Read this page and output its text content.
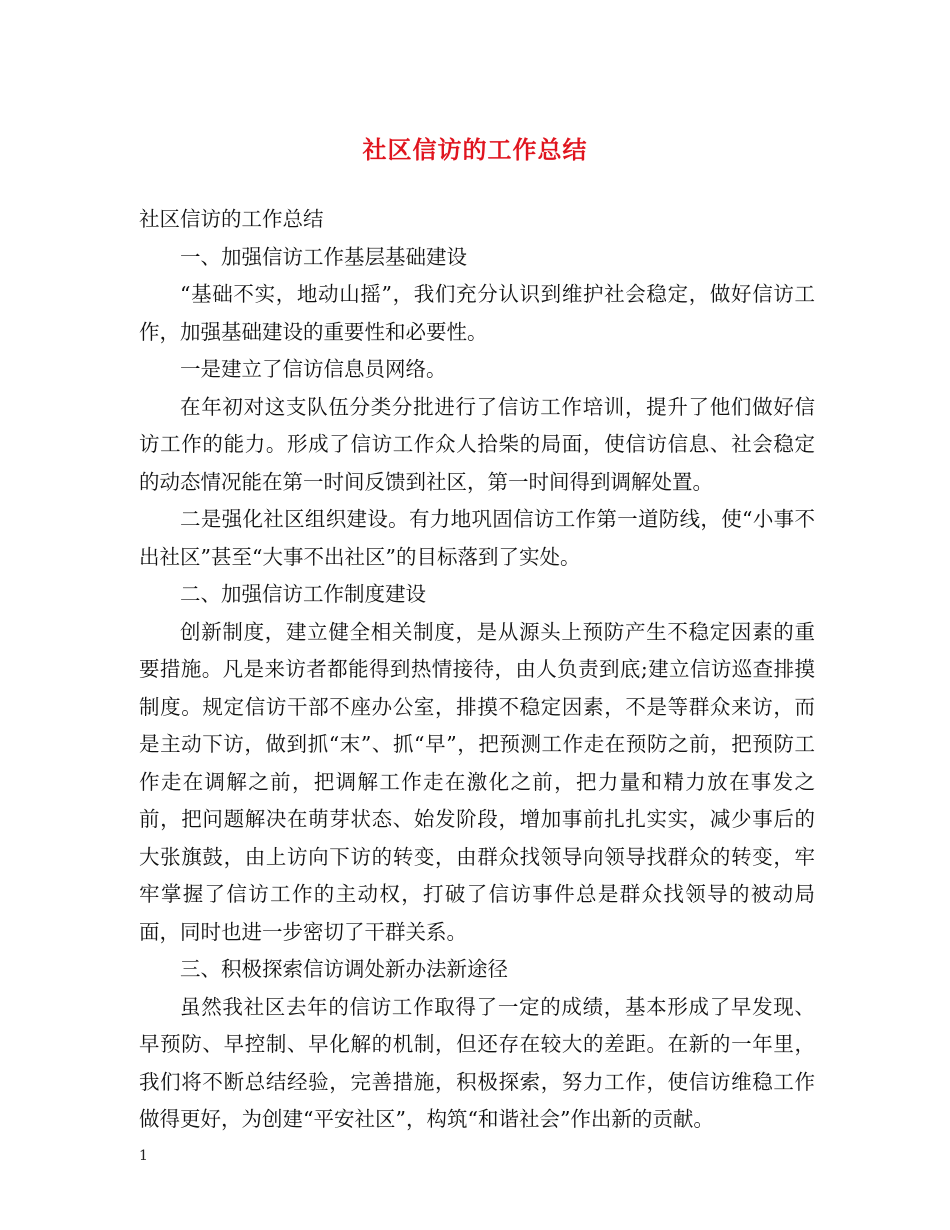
社区信访的工作总结

社区信访的工作总结

一、加强信访工作基层基础建设

“基础不实，地动山摇”，我们充分认识到维护社会稳定，做好信访工作，加强基础建设的重要性和必要性。

一是建立了信访信息员网络。

在年初对这支队伍分类分批进行了信访工作培训，提升了他们做好信访工作的能力。形成了信访工作众人拾柴的局面，使信访信息、社会稳定的动态情况能在第一时间反馈到社区，第一时间得到调解处置。

二是强化社区组织建设。有力地巩固信访工作第一道防线，使“小事不出社区”甚至“大事不出社区”的目标落到了实处。

二、加强信访工作制度建设

创新制度，建立健全相关制度，是从源头上预防产生不稳定因素的重要措施。凡是来访者都能得到热情接待，由人负责到底;建立信访巡查排摸制度。规定信访干部不座办公室，排摸不稳定因素，不是等群众来访，而是主动下访，做到抓“末”、抓“早”，把预测工作走在预防之前，把预防工作走在调解之前，把调解工作走在激化之前，把力量和精力放在事发之前，把问题解决在萌芽状态、始发阶段，增加事前扎扎实实，减少事后的大张旗鼓，由上访向下访的转变，由群众找领导向领导找群众的转变，牢牢掌握了信访工作的主动权，打破了信访事件总是群众找领导的被动局面，同时也进一步密切了干群关系。

三、积极探索信访调处新办法新途径

虽然我社区去年的信访工作取得了一定的成绩，基本形成了早发现、早预防、早控制、早化解的机制，但还存在较大的差距。在新的一年里，我们将不断总结经验，完善措施，积极探索，努力工作，使信访维稳工作做得更好，为创建“平安社区”，构筑“和谐社会”作出新的贡献。

1
